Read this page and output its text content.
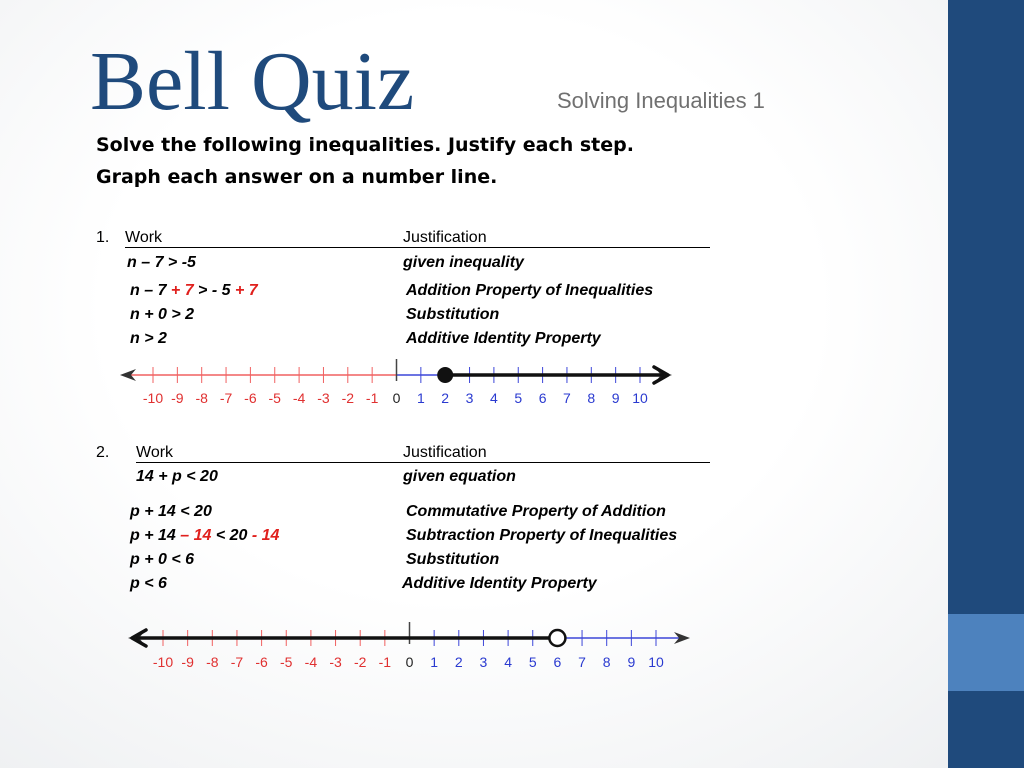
Bell Quiz	Solving Inequalities 1
Solve the following inequalities. Justify each step.
Graph each answer on a number line.
1. Work	Justification
n – 7 > -5	given inequality
n – 7 + 7 > - 5 + 7	Addition Property of Inequalities
n + 0 > 2	Substitution
n > 2	Additive Identity Property
-10 -9 -8 -7 -6 -5 -4 -3 -2 -1 0 1 2 3 4 5 6 7 8 9 10
2. Work	Justification
14 + p < 20	given equation
p + 14 < 20	Commutative Property of Addition
p + 14 – 14 < 20 - 14	Subtraction Property of Inequalities
p + 0 < 6	Substitution
p < 6	Additive Identity Property
-10 -9 -8 -7 -6 -5 -4 -3 -2 -1 0 1 2 3 4 5 6 7 8 9 10
